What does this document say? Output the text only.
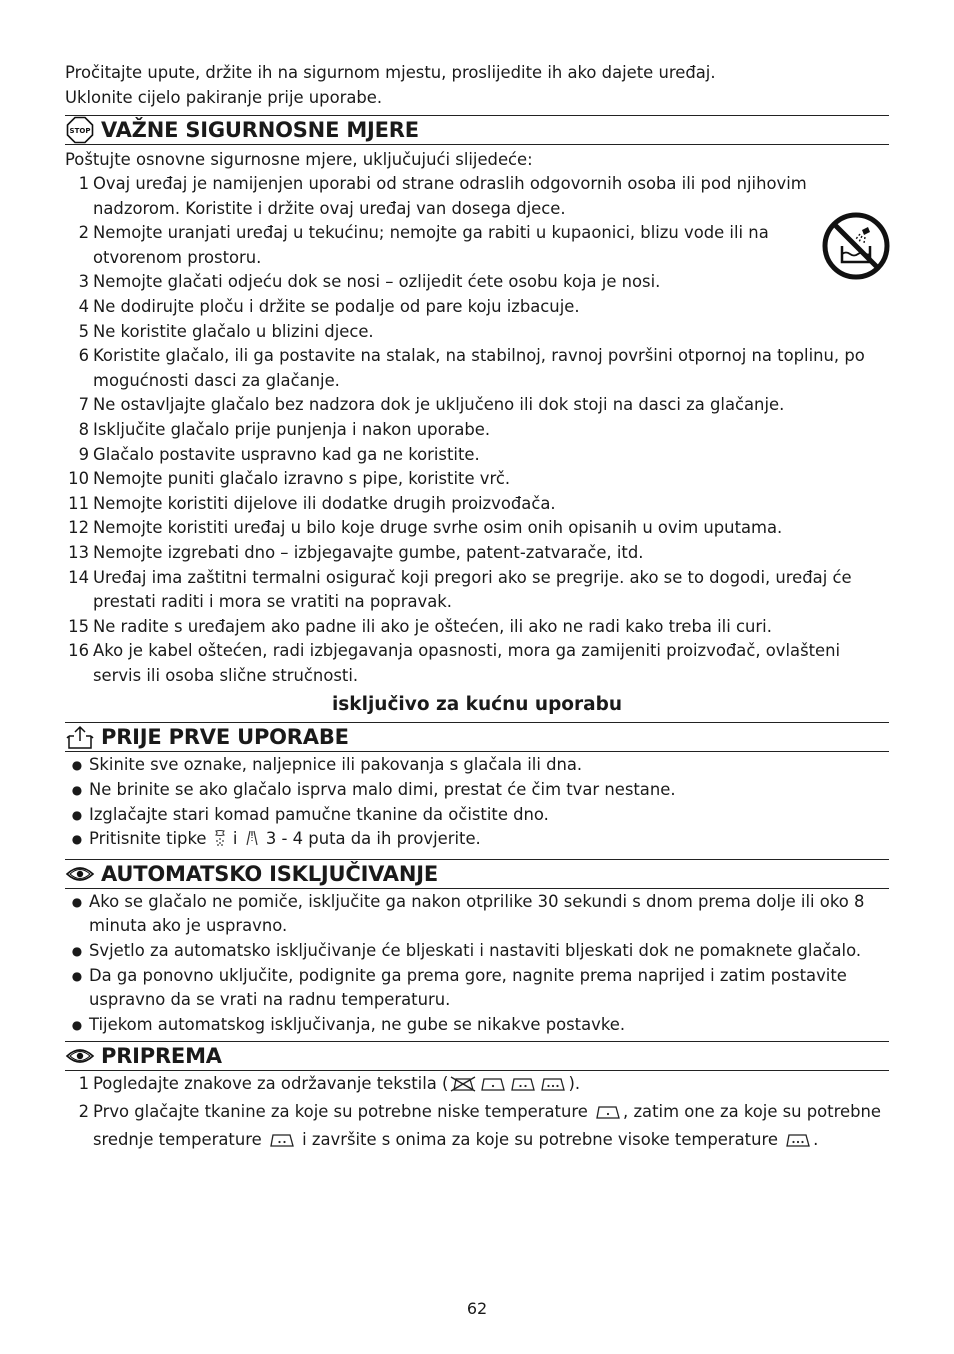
Pročitajte upute, držite ih na sigurnom mjestu, proslijedite ih ako dajete uređaj.

Uklonite cijelo pakiranje prije uporabe.

STOP VAŽNE SIGURNOSNE MJERE

Poštujte osnovne sigurnosne mjere, uključujući slijedeće:

1 Ovaj uređaj je namijenjen uporabi od strane odraslih odgovornih osoba ili pod njihovim nadzorom. Koristite i držite ovaj uređaj van dosega djece.
2 Nemojte uranjati uređaj u tekućinu; nemojte ga rabiti u kupaonici, blizu vode ili na otvorenom prostoru.
3 Nemojte glačati odjeću dok se nosi – ozlijedit ćete osobu koja je nosi.
4 Ne dodirujte ploču i držite se podalje od pare koju izbacuje.
5 Ne koristite glačalo u blizini djece.
6 Koristite glačalo, ili ga postavite na stalak, na stabilnoj, ravnoj površini otpornoj na toplinu, po mogućnosti dasci za glačanje.
7 Ne ostavljajte glačalo bez nadzora dok je uključeno ili dok stoji na dasci za glačanje.
8 Isključite glačalo prije punjenja i nakon uporabe.
9 Glačalo postavite uspravno kad ga ne koristite.
10 Nemojte puniti glačalo izravno s pipe, koristite vrč.
11 Nemojte koristiti dijelove ili dodatke drugih proizvođača.
12 Nemojte koristiti uređaj u bilo koje druge svrhe osim onih opisanih u ovim uputama.
13 Nemojte izgrebati dno – izbjegavajte gumbe, patent-zatvarače, itd.
14 Uređaj ima zaštitni termalni osigurač koji pregori ako se pregrije. ako se to dogodi, uređaj će prestati raditi i mora se vratiti na popravak.
15 Ne radite s uređajem ako padne ili ako je oštećen, ili ako ne radi kako treba ili curi.
16 Ako je kabel oštećen, radi izbjegavanja opasnosti, mora ga zamijeniti proizvođač, ovlašteni servis ili osoba slične stručnosti.
isključivo za kućnu uporabu
PRIJE PRVE UPORABE
● Skinite sve oznake, naljepnice ili pakovanja s glačala ili dna.
● Ne brinite se ako glačalo isprva malo dimi, prestat će čim tvar nestane.
● Izglačajte stari komad pamučne tkanine da očistite dno.
● Pritisnite tipke i 3 - 4 puta da ih provjerite.
AUTOMATSKO ISKLJUČIVANJE
● Ako se glačalo ne pomiče, isključite ga nakon otprilike 30 sekundi s dnom prema dolje ili oko 8 minuta ako je uspravno.
● Svjetlo za automatsko isključivanje će bljeskati i nastaviti bljeskati dok ne pomaknete glačalo.
● Da ga ponovno uključite, podignite ga prema gore, nagnite prema naprijed i zatim postavite uspravno da se vrati na radnu temperaturu.
● Tijekom automatskog isključivanja, ne gube se nikakve postavke.
PRIPREMA
1 Pogledajte znakove za održavanje tekstila (	).
2 Prvo glačajte tkanine za koje su potrebne niske temperature , zatim one za koje su potrebne srednje temperature i završite s onima za koje su potrebne visoke temperature .
62
